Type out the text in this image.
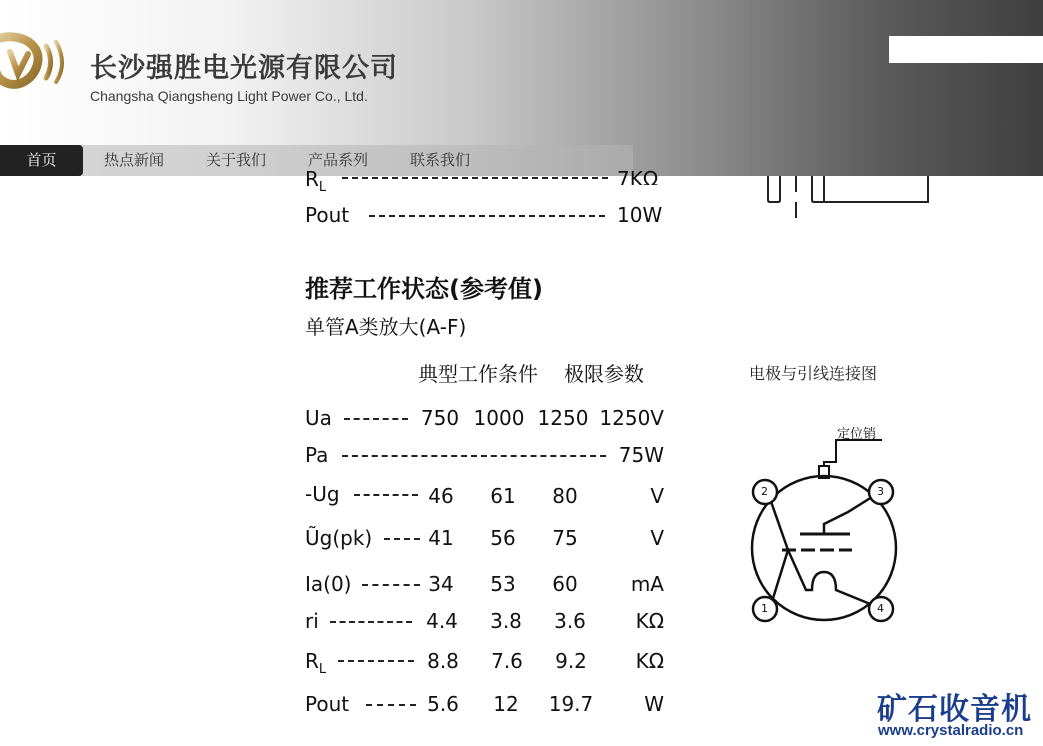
长沙强胜电光源有限公司
Changsha Qiangsheng Light Power Co., Ltd.
首页	热点新闻	关于我们	产品系列	联系我们
$R_L$	7KΩ
Pout	10W
推荐工作状态(参考值)
单管A类放大(A-F)
典型工作条件 极限参数
Ua	750 1000 1250 1250V
Pa	75W
-Ug	46	61	80	V
Ũg(pk)	41	56	75	V
Ia(0)	34	53	60	mA
ri	4.4	3.8	3.6	KΩ
$R_L$	8.8	7.6	9.2	KΩ
Pout	5.6	12	19.7	W
电极与引线连接图
定位销
2	3
1	4
矿石收音机
www.crystalradio.cn
